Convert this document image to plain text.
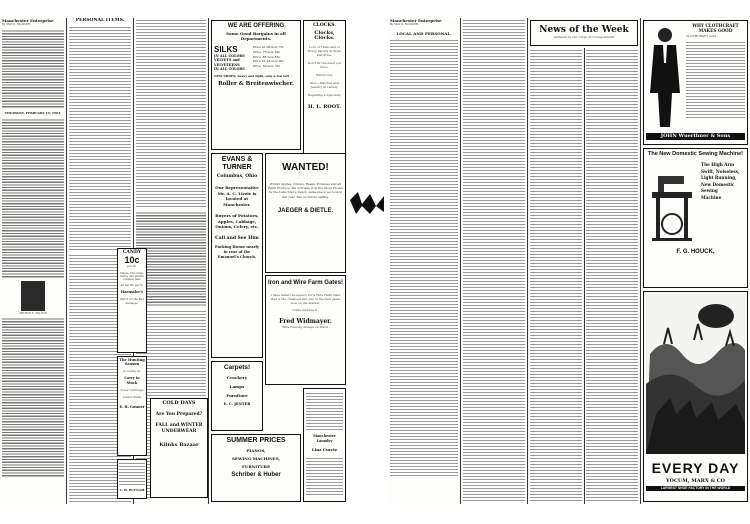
Manchester Enterprise
By MAT D. BLOSSER.
THURSDAY, FEBRUARY 19, 1903.
ARTHUR E. WILSON
PERSONAL ITEMS.
WE ARE OFFERING
Some Good Bargains in all Departments.
SILKS
IN ALL COLORS
VELVETS and
VELVETEENS
IN ALL COLORS
Price $1.00 now 75c
Price .75 now 60c
Price .85 now 65c
Price $1.25 now 90c
Price .50 now 35c
NEW SHOES, heavy and light, only a few left
Roller & Breitenwischer.
CLOCKS.
Clocks, Clocks.
Lots of Them and of Every Variety in Style and Price.
Don't fix the need you have.
Watch Out.
Also—Watches and Jewelry in variety.
Repairing a Specialty.
H. L. ROOT.
EVANS & TURNER
Columbus, Ohio
Our Representative Mr. A. C. Lizzie is located at Manchester.
Buyers of Potatoes, Apples, Cabbage, Onions, Celery, etc.
Call and See Him
Packing House nearly in rear of the Emanuel's Church.
WANTED!
Winter Apples, Onions, Beans, Potatoes and all Farm Produce. We will take it at the Store House by the Lake Shore Depot, same place we took in last year. See us before selling.
JAEGER & DIETLE.
Iron and Wire Farm Gates!
I have taken the agency for a Wire Farm Gate that is the cheapest and one of the best gates now on the market.
Come and See It.
Fred Widmayer.
Wire Fencing Always on Hand.
CANDY
10c
per lb.
Staple, Chocolate, Penny and Vanilla Candies Sale
All her Hb per lb.
Haeussler's
Watch for the Red Packages.
The Hunting Season
Is coming on.
Carry in Stock
Power Cartridges
Loaded Shells
E. H. Gosmer
C. H. PUTNAM
Carpets!
Crockery
Lamps
Furniture
E. C. JENTER
COLD DAYS
Are You Prepared?
FALL and WINTER UNDERWEAR
Klinks Bazaar
SUMMER PRICES
PIANOS,
SEWING MACHINES,
FURNITURE
Schriber & Huber
Manchester Laundry
Linz Currie
Manchester Enterprise
By MAT D. BLOSSER.
LOCAL AND PERSONAL.	News of the Week
Gathered by Our Corps of Correspondents
WHY CLOTHCRAFT MAKES GOOD
CLOTHCRAFT suits
JOHN Wuerthner & Sons
The New Domestic Sewing Machine!
The High Arm
Swift, Noiseless,
Light Running,
New Domestic
Sewing
Machine
F. G. HOUCK,
EVERY DAY
YOCUM, MARX & CO
LARGEST SHOE FACTORY IN THE WORLD
